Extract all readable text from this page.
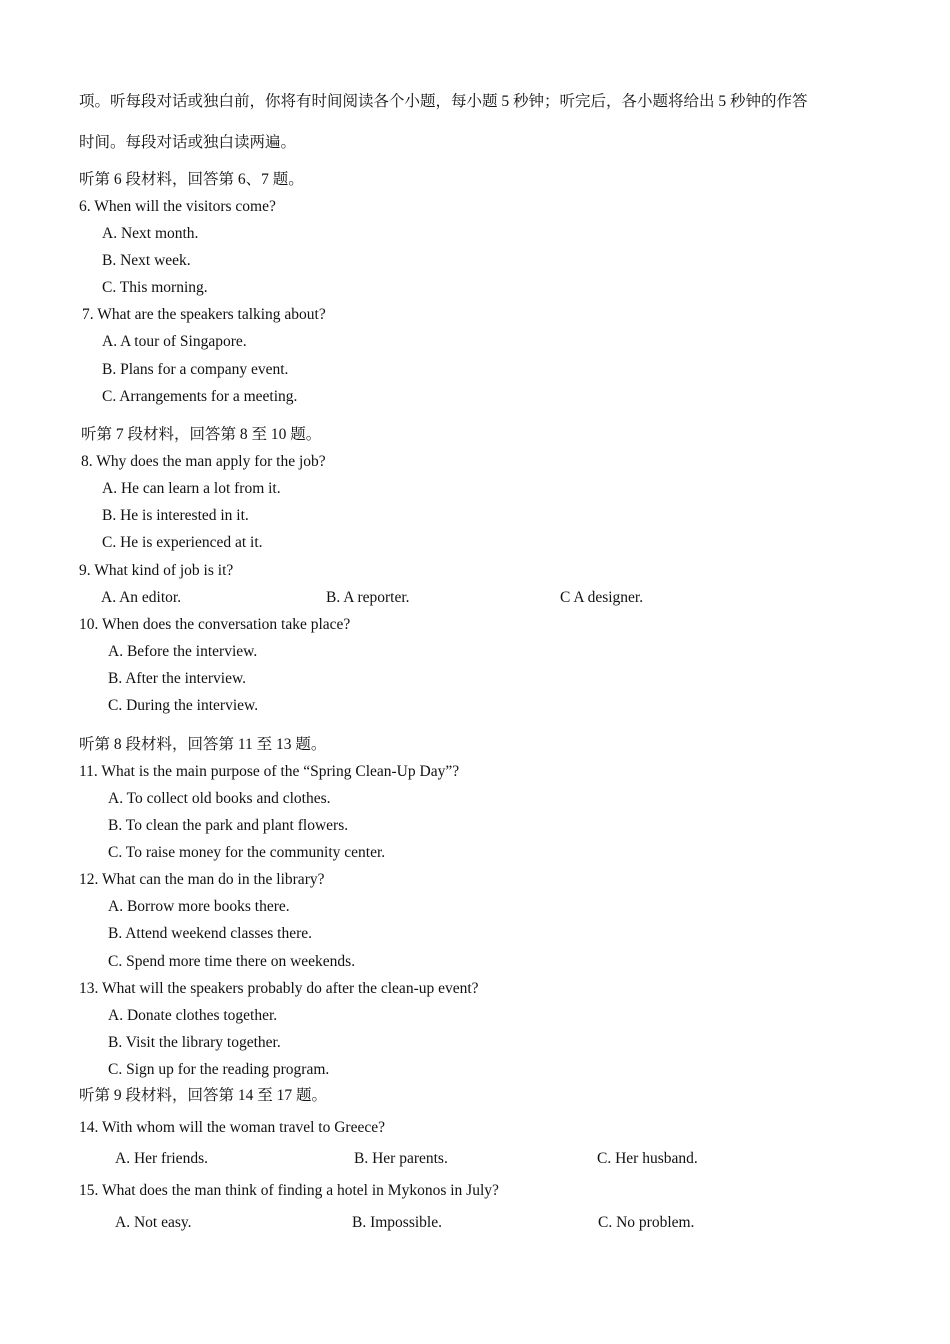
项。听每段对话或独白前，你将有时间阅读各个小题，每小题 5 秒钟；听完后，各小题将给出 5 秒钟的作答
时间。每段对话或独白读两遍。
听第 6 段材料，回答第 6、7 题。
6. When will the visitors come?
A. Next month.
B. Next week.
C. This morning.
7. What are the speakers talking about?
A. A tour of Singapore.
B. Plans for a company event.
C. Arrangements for a meeting.
听第 7 段材料，回答第 8 至 10 题。
8. Why does the man apply for the job?
A. He can learn a lot from it.
B. He is interested in it.
C. He is experienced at it.
9. What kind of job is it?
A. An editor.	B. A reporter.	C A designer.
10. When does the conversation take place?
A. Before the interview.
B. After the interview.
C. During the interview.
听第 8 段材料，回答第 11 至 13 题。
11. What is the main purpose of the “Spring Clean-Up Day”?
A. To collect old books and clothes.
B. To clean the park and plant flowers.
C. To raise money for the community center.
12. What can the man do in the library?
A. Borrow more books there.
B. Attend weekend classes there.
C. Spend more time there on weekends.
13. What will the speakers probably do after the clean-up event?
A. Donate clothes together.
B. Visit the library together.
C. Sign up for the reading program.
听第 9 段材料，回答第 14 至 17 题。
14. With whom will the woman travel to Greece?
A. Her friends.	B. Her parents.	C. Her husband.
15. What does the man think of finding a hotel in Mykonos in July?
A. Not easy.	B. Impossible.	C. No problem.
